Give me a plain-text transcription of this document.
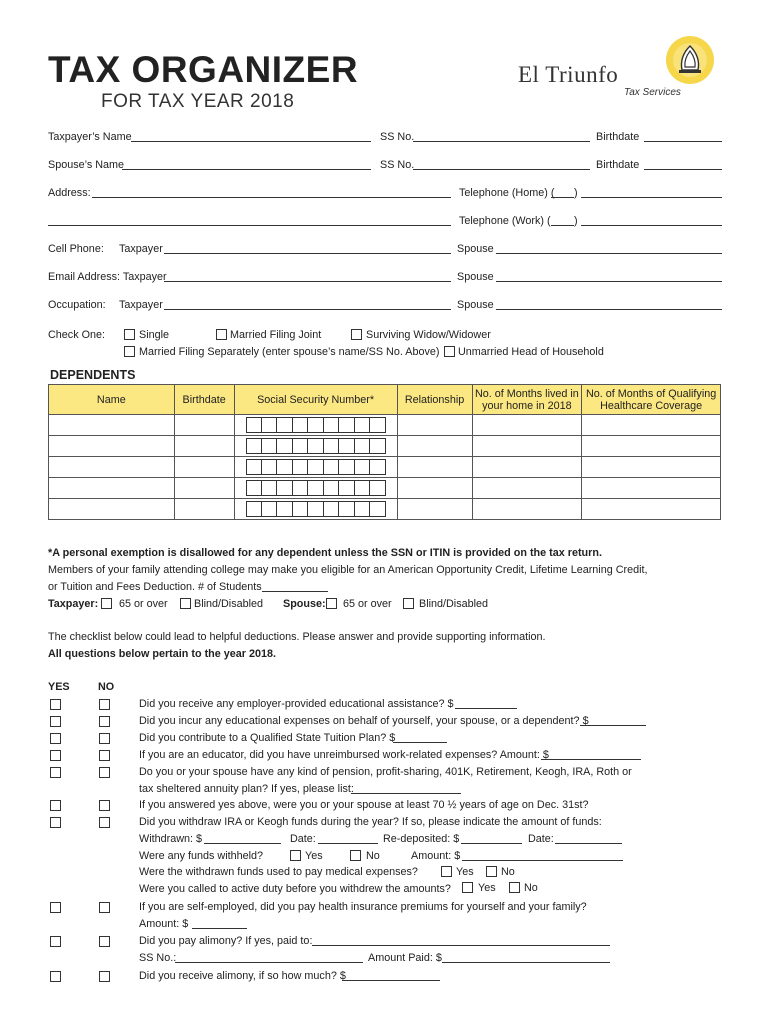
TAX ORGANIZER
FOR TAX YEAR 2018
El Triunfo
Tax Services
Taxpayer’s Name	SS No.	Birthdate
Spouse’s Name	SS No.	Birthdate
Address:	Telephone (Home) ( )
Telephone (Work) ( )
Cell Phone: Taxpayer	Spouse
Email Address: Taxpayer	Spouse
Occupation: Taxpayer	Spouse
Check One:	Single	Married Filing Joint	Surviving Widow/Widower
Married Filing Separately (enter spouse’s name/SS No. Above) Unmarried Head of Household
DEPENDENTS
Name	Birthdate	Social Security Number*	Relationship	No. of Months lived in your home in 2018	No. of Months of Qualifying Healthcare Coverage

*A personal exemption is disallowed for any dependent unless the SSN or ITIN is provided on the tax return.
Members of your family attending college may make you eligible for an American Opportunity Credit, Lifetime Learning Credit,
or Tuition and Fees Deduction. # of Students
Taxpayer: 65 or over Blind/Disabled Spouse: 65 or over	Blind/Disabled
The checklist below could lead to helpful deductions. Please answer and provide supporting information.
All questions below pertain to the year 2018.
YES	NO
Did you receive any employer-provided educational assistance? $
Did you incur any educational expenses on behalf of yourself, your spouse, or a dependent? $
Did you contribute to a Qualified State Tuition Plan? $
If you are an educator, did you have unreimbursed work-related expenses? Amount: $
Do you or your spouse have any kind of pension, profit-sharing, 401K, Retirement, Keogh, IRA, Roth or
tax sheltered annuity plan? If yes, please list:
If you answered yes above, were you or your spouse at least 70 ½ years of age on Dec. 31st?
Did you withdraw IRA or Keogh funds during the year? If so, please indicate the amount of funds:
Withdrawn: $	Date:	Re-deposited: $	Date:
Were any funds withheld?	Yes	No	Amount: $
Were the withdrawn funds used to pay medical expenses?	Yes	No
Were you called to active duty before you withdrew the amounts?	Yes	No
If you are self-employed, did you pay health insurance premiums for yourself and your family?
Amount: $
Did you pay alimony? If yes, paid to:
SS No.:	Amount Paid: $
Did you receive alimony, if so how much? $
